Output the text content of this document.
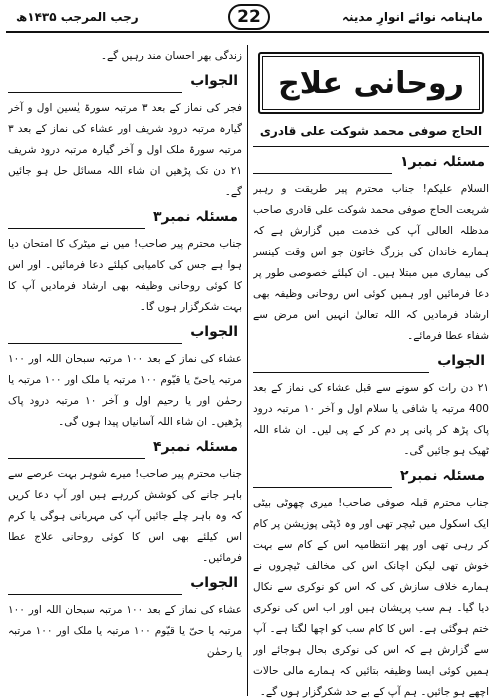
رجب المرجب ۱۴۳۵ھ	22	ماہنامہ نوائے انوارِ مدینہ

زندگی بھر احسان مند رہیں گے۔

الجواب

فجر کی نماز کے بعد ۳ مرتبہ سورۃ یٰسین اول و آخر گیارہ مرتبہ درود شریف اور عشاء کی نماز کے بعد ۳ مرتبہ سورۃ ملک اول و آخر گیارہ مرتبہ درود شریف ۲۱ دن تک پڑھیں ان شاء اللہ مسائل حل ہو جائیں گے۔

مسئلہ نمبر۳

جناب محترم پیر صاحب! میں نے میٹرک کا امتحان دیا ہوا ہے جس کی کامیابی کیلئے دعا فرمائیں۔ اور اس کا کوئی روحانی وظیفہ بھی ارشاد فرمادیں آپ کا بہت شکرگزار ہوں گا۔

الجواب

عشاء کی نماز کے بعد ۱۰۰ مرتبہ سبحان اللہ اور ۱۰۰ مرتبہ یاحیّ یا قیّوم ۱۰۰ مرتبہ یا ملک اور ۱۰۰ مرتبہ یا رحمٰن اور یا رحیم اول و آخر ۱۰ مرتبہ درود پاک پڑھیں۔ ان شاء اللہ آسانیاں پیدا ہوں گی۔

مسئلہ نمبر۴

جناب محترم پیر صاحب! میرے شوہر بہت عرصے سے باہر جانے کی کوشش کررہے ہیں اور آپ دعا کریں کہ وہ باہر چلے جائیں آپ کی مہربانی ہوگی یا کرم اس کیلئے بھی اس کا کوئی روحانی علاج عطا فرمائیں۔

الجواب

عشاء کی نماز کے بعد ۱۰۰ مرتبہ سبحان اللہ اور ۱۰۰ مرتبہ یا حیّ یا قیّوم ۱۰۰ مرتبہ یا ملک اور ۱۰۰ مرتبہ یا رحمٰن

روحانی علاج
الحاج صوفی محمد شوکت علی قادری
مسئلہ نمبر۱

السلام علیکم! جناب محترم پیر طریقت و رہبر شریعت الحاج صوفی محمد شوکت علی قادری صاحب مدظلہ العالی آپ کی خدمت میں گزارش ہے کہ ہمارے خاندان کی بزرگ خاتون جو اس وقت کینسر کی بیماری میں مبتلا ہیں۔ ان کیلئے خصوصی طور پر دعا فرمائیں اور ہمیں کوئی اس روحانی وظیفہ بھی ارشاد فرمادیں کہ اللہ تعالیٰ انہیں اس مرض سے شفاء عطا فرمائے۔

الجواب

۲۱ دن رات کو سونے سے قبل عشاء کی نماز کے بعد 400 مرتبہ یا شافی یا سلام اول و آخر ۱۰ مرتبہ درود پاک پڑھ کر پانی پر دم کر کے پی لیں۔ ان شاء اللہ ٹھیک ہو جائیں گی۔

مسئلہ نمبر۲

جناب محترم قبلہ صوفی صاحب! میری چھوٹی بیٹی ایک اسکول میں ٹیچر تھی اور وہ ڈپٹی پوزیشن پر کام کر رہی تھی اور پھر انتظامیہ اس کے کام سے بہت خوش تھی لیکن اچانک اس کی مخالف ٹیچروں نے ہمارے خلاف سازش کی کہ اس کو نوکری سے نکال دیا گیا۔ ہم سب پریشان ہیں اور اب اس کی نوکری ختم ہوگئی ہے۔ اس کا کام سب کو اچھا لگتا ہے۔ آپ سے گزارش ہے کہ اس کی نوکری بحال ہوجائے اور ہمیں کوئی ایسا وظیفہ بتائیں کہ ہمارے مالی حالات اچھے ہو جائیں۔ ہم آپ کے بے حد شکرگزار ہوں گے۔
